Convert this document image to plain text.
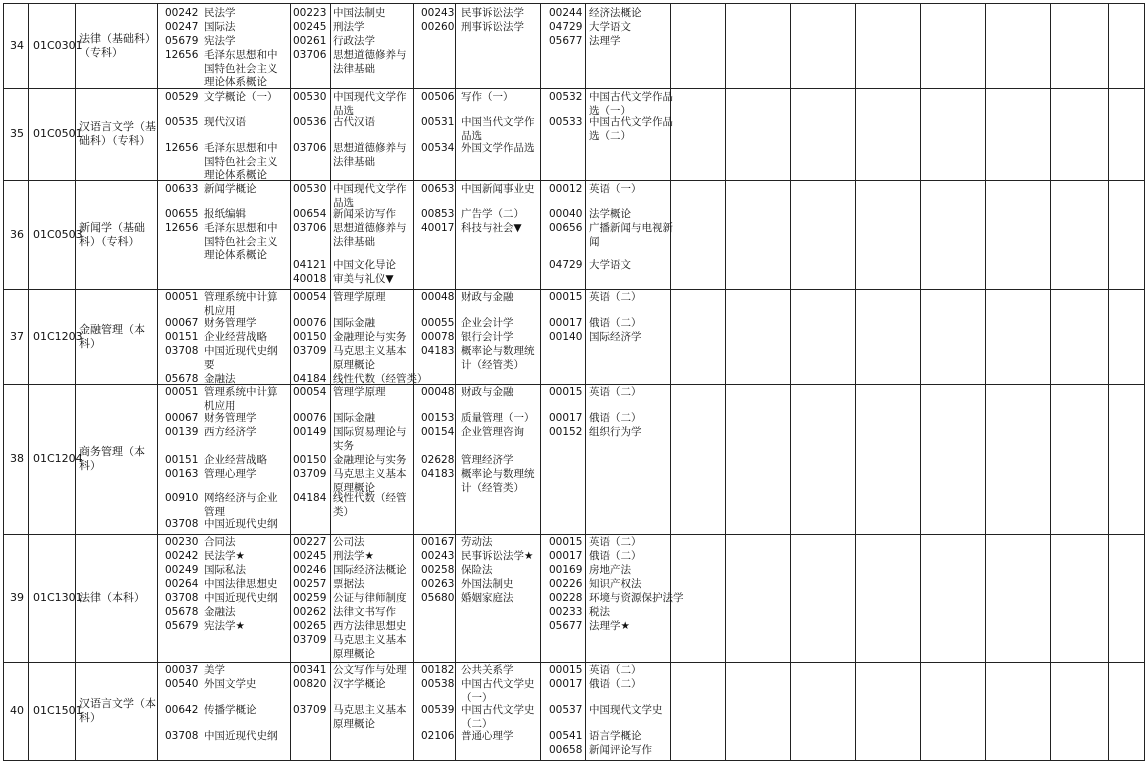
34 01C0301
法律（基础科）
（专科）
00242 民法学
00247 国际法
05679 宪法学
12656 毛泽东思想和中
国特色社会主义
理论体系概论
00223 中国法制史
00245 刑法学
00261 行政法学
03706 思想道德修养与
法律基础
00243 民事诉讼法学
00260 刑事诉讼法学
00244 经济法概论
04729 大学语文
05677 法理学
35 01C0501
汉语言文学（基
础科）（专科）
00529 文学概论（一）
00535 现代汉语
12656 毛泽东思想和中
国特色社会主义
理论体系概论
00530 中国现代文学作
品选
00536 古代汉语
03706 思想道德修养与
法律基础
00506 写作（一）
00531 中国当代文学作
品选
00534 外国文学作品选
00532 中国古代文学作品
选（一）
00533 中国古代文学作品
选（二）
36 01C0503
新闻学（基础
科）（专科）
00633 新闻学概论
00655 报纸编辑
12656 毛泽东思想和中
国特色社会主义
理论体系概论
00530 中国现代文学作
品选
00654 新闻采访写作
03706 思想道德修养与
法律基础
04121 中国文化导论
40018 审美与礼仪▼
00653 中国新闻事业史
00853 广告学（二）
40017 科技与社会▼
00012 英语（一）
00040 法学概论
00656 广播新闻与电视新
闻
04729 大学语文
37 01C1203
金融管理（本
科）
00051 管理系统中计算
机应用
00067 财务管理学
00151 企业经营战略
03708 中国近现代史纲
要
05678 金融法
00054 管理学原理
00076 国际金融
00150 金融理论与实务
03709 马克思主义基本
原理概论
04184 线性代数（经管类）
00048 财政与金融
00055 企业会计学
00078 银行会计学
04183 概率论与数理统
计（经管类）
00015 英语（二）
00017 俄语（二）
00140 国际经济学
38 01C1204
商务管理（本
科）
00051 管理系统中计算
机应用
00067 财务管理学
00139 西方经济学
00151 企业经营战略
00163 管理心理学
00910 网络经济与企业
管理
03708 中国近现代史纲
00054 管理学原理
00076 国际金融
00149 国际贸易理论与
实务
00150 金融理论与实务
03709 马克思主义基本
原理概论
04184 线性代数（经管
类）
00048 财政与金融
00153 质量管理（一）
00154 企业管理咨询
02628 管理经济学
04183 概率论与数理统
计（经管类）
00015 英语（二）
00017 俄语（二）
00152 组织行为学
39 01C1301
法律（本科）
00230 合同法
00242 民法学★
00249 国际私法
00264 中国法律思想史
03708 中国近现代史纲
05678 金融法
05679 宪法学★
00227 公司法
00245 刑法学★
00246 国际经济法概论
00257 票据法
00259 公证与律师制度
00262 法律文书写作
00265 西方法律思想史
03709 马克思主义基本
原理概论
00167 劳动法
00243 民事诉讼法学★
00258 保险法
00263 外国法制史
05680 婚姻家庭法
00015 英语（二）
00017 俄语（二）
00169 房地产法
00226 知识产权法
00228 环境与资源保护法学
00233 税法
05677 法理学★
40 01C1501
汉语言文学（本
科）
00037 美学
00540 外国文学史
00642 传播学概论
03708 中国近现代史纲
00341 公文写作与处理
00820 汉字学概论
03709 马克思主义基本
原理概论
00182 公共关系学
00538 中国古代文学史
（一）
00539 中国古代文学史
（二）
02106 普通心理学
00015 英语（二）
00017 俄语（二）
00537 中国现代文学史
00541 语言学概论
00658 新闻评论写作
